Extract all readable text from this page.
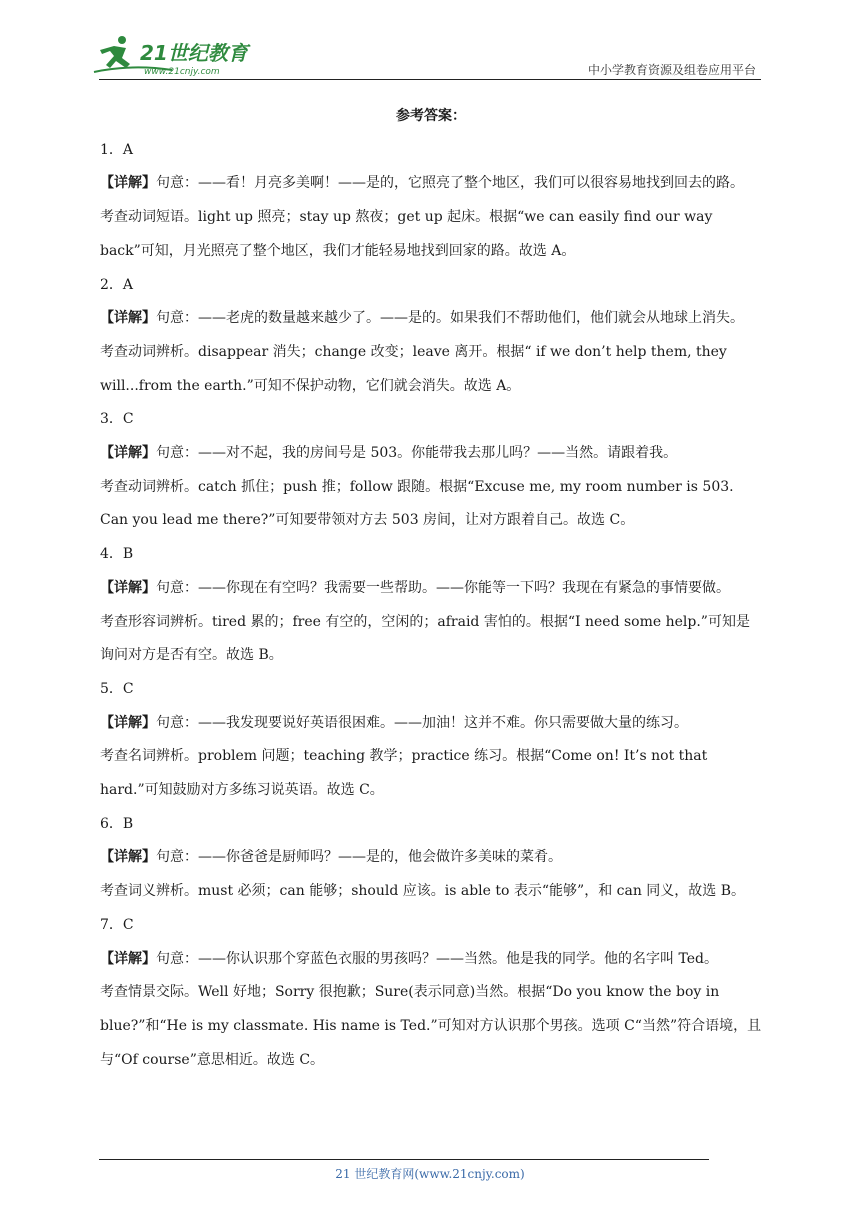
21世纪教育
www.21cnjy.com	中小学教育资源及组卷应用平台

参考答案：

1．A

【详解】句意：——看！月亮多美啊！——是的，它照亮了整个地区，我们可以很容易地找到回去的路。

考查动词短语。light up 照亮；stay up 熬夜；get up 起床。根据“we can easily find our way back”可知，月光照亮了整个地区，我们才能轻易地找到回家的路。故选 A。

2．A

【详解】句意：——老虎的数量越来越少了。——是的。如果我们不帮助他们，他们就会从地球上消失。

考查动词辨析。disappear 消失；change 改变；leave 离开。根据“ if we don’t help them, they will...from the earth.”可知不保护动物，它们就会消失。故选 A。

3．C

【详解】句意：——对不起，我的房间号是 503。你能带我去那儿吗？——当然。请跟着我。

考查动词辨析。catch 抓住；push 推；follow 跟随。根据“Excuse me, my room number is 503. Can you lead me there?”可知要带领对方去 503 房间，让对方跟着自己。故选 C。

4．B

【详解】句意：——你现在有空吗？我需要一些帮助。——你能等一下吗？我现在有紧急的事情要做。

考查形容词辨析。tired 累的；free 有空的，空闲的；afraid 害怕的。根据“I need some help.”可知是询问对方是否有空。故选 B。

5．C

【详解】句意：——我发现要说好英语很困难。——加油！这并不难。你只需要做大量的练习。

考查名词辨析。problem 问题；teaching 教学；practice 练习。根据“Come on! It’s not that hard.”可知鼓励对方多练习说英语。故选 C。

6．B

【详解】句意：——你爸爸是厨师吗？——是的，他会做许多美味的菜肴。

考查词义辨析。must 必须；can 能够；should 应该。is able to 表示“能够”，和 can 同义，故选 B。

7．C

【详解】句意：——你认识那个穿蓝色衣服的男孩吗？——当然。他是我的同学。他的名字叫 Ted。

考查情景交际。Well 好地；Sorry 很抱歉；Sure(表示同意)当然。根据“Do you know the boy in blue?”和“He is my classmate. His name is Ted.”可知对方认识那个男孩。选项 C“当然”符合语境，且与“Of course”意思相近。故选 C。

21 世纪教育网(www.21cnjy.com)
